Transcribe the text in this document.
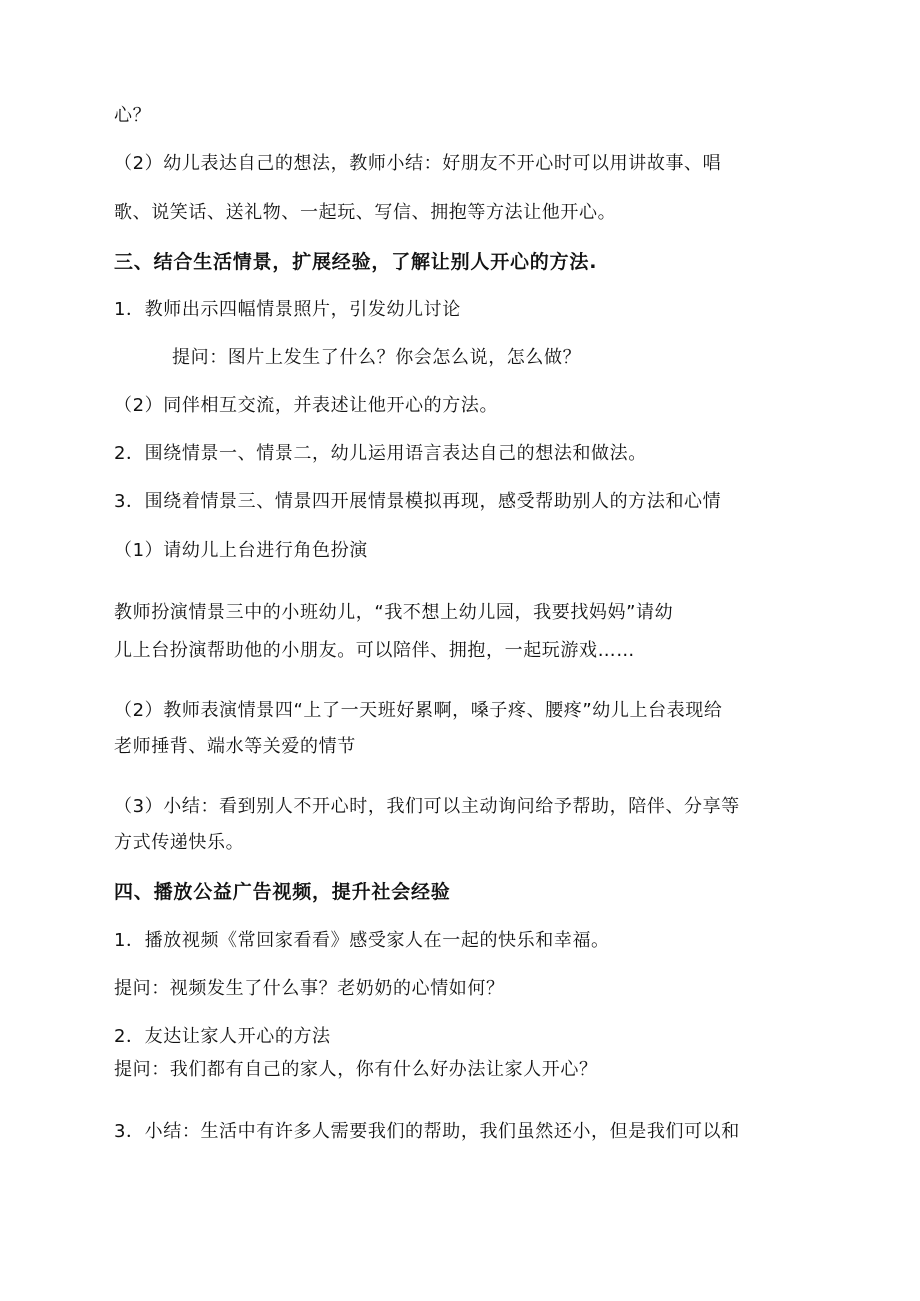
心？
（2）幼儿表达自己的想法，教师小结：好朋友不开心时可以用讲故事、唱
歌、说笑话、送礼物、一起玩、写信、拥抱等方法让他开心。
三、结合生活情景，扩展经验，了解让别人开心的方法.
1．教师出示四幅情景照片，引发幼儿讨论
提问：图片上发生了什么？你会怎么说，怎么做？
（2）同伴相互交流，并表述让他开心的方法。
2．围绕情景一、情景二，幼儿运用语言表达自己的想法和做法。
3．围绕着情景三、情景四开展情景模拟再现，感受帮助别人的方法和心情
（1）请幼儿上台进行角色扮演
教师扮演情景三中的小班幼儿，“我不想上幼儿园，我要找妈妈”请幼
儿上台扮演帮助他的小朋友。可以陪伴、拥抱，一起玩游戏……
（2）教师表演情景四“上了一天班好累啊，嗓子疼、腰疼”幼儿上台表现给
老师捶背、端水等关爱的情节
（3）小结：看到别人不开心时，我们可以主动询问给予帮助，陪伴、分享等
方式传递快乐。
四、播放公益广告视频，提升社会经验
1．播放视频《常回家看看》感受家人在一起的快乐和幸福。
提问：视频发生了什么事？老奶奶的心情如何？
2．友达让家人开心的方法
提问：我们都有自己的家人，你有什么好办法让家人开心？
3．小结：生活中有许多人需要我们的帮助，我们虽然还小，但是我们可以和
